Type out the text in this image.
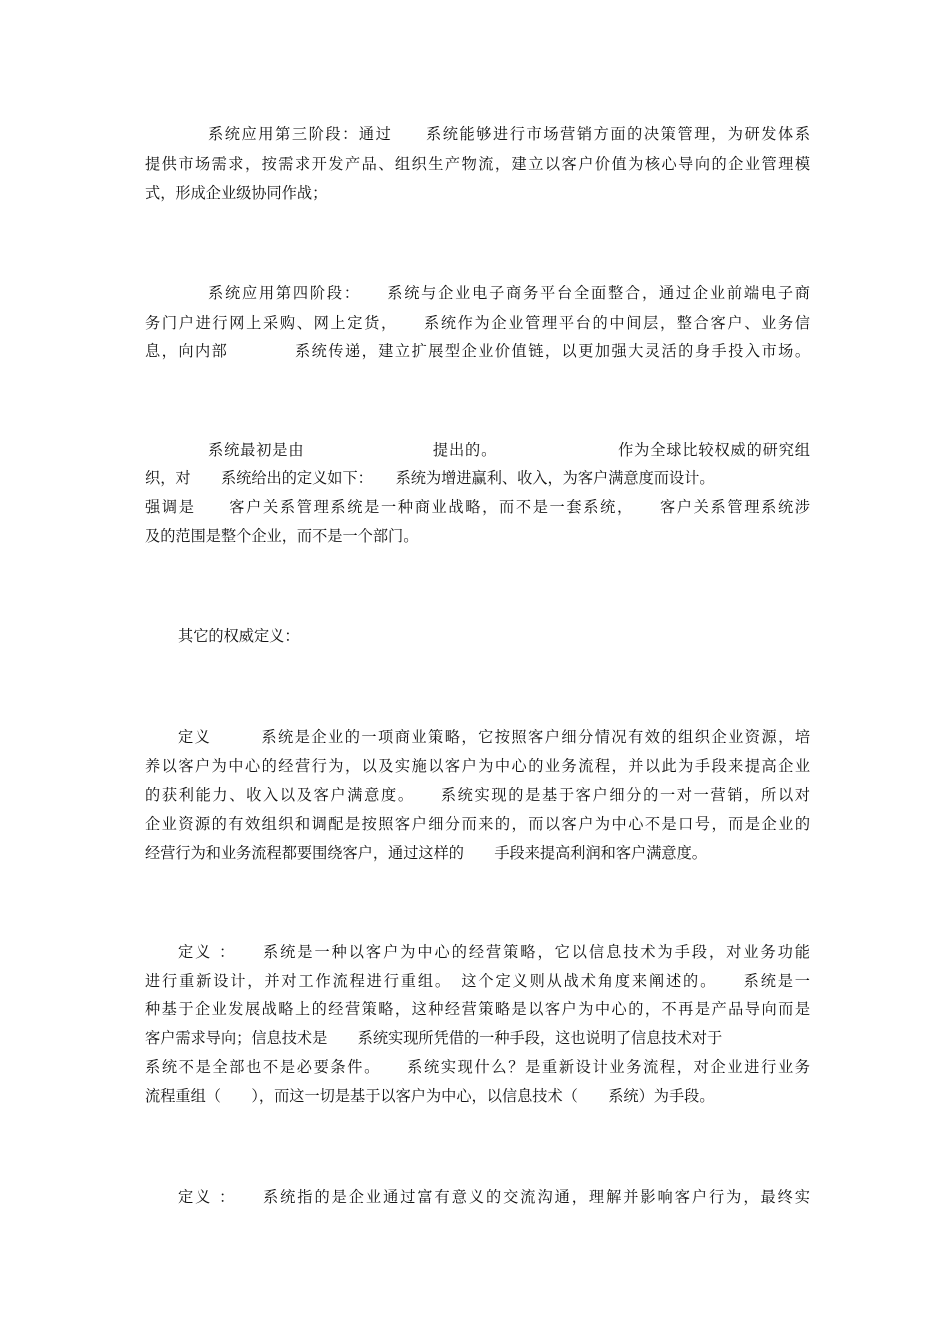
系统应用第三阶段：通过　　系统能够进行市场营销方面的决策管理，为研发体系
提供市场需求，按需求开发产品、组织生产物流，建立以客户价值为核心导向的企业管理模
式，形成企业级协同作战；
系统应用第四阶段：　　系统与企业电子商务平台全面整合，通过企业前端电子商
务门户进行网上采购、网上定货，　　系统作为企业管理平台的中间层，整合客户、业务信
息，向内部　　　　系统传递，建立扩展型企业价值链，以更加强大灵活的身手投入市场。
系统最初是由　　　　　　　　提出的。　　　　　　　　作为全球比较权威的研究组
织，对　　系统给出的定义如下：　　系统为增进赢利、收入，为客户满意度而设计。
强调是　　客户关系管理系统是一种商业战略，而不是一套系统，　　客户关系管理系统涉
及的范围是整个企业，而不是一个部门。
其它的权威定义：
定义　　　系统是企业的一项商业策略，它按照客户细分情况有效的组织企业资源，培
养以客户为中心的经营行为，以及实施以客户为中心的业务流程，并以此为手段来提高企业
的获利能力、收入以及客户满意度。　　系统实现的是基于客户细分的一对一营销，所以对
企业资源的有效组织和调配是按照客户细分而来的，而以客户为中心不是口号，而是企业的
经营行为和业务流程都要围绕客户，通过这样的　　手段来提高利润和客户满意度。
定义 ：　　系统是一种以客户为中心的经营策略，它以信息技术为手段，对业务功能
进行重新设计，并对工作流程进行重组。　这个定义则从战术角度来阐述的。　　系统是一
种基于企业发展战略上的经营策略，这种经营策略是以客户为中心的，不再是产品导向而是
客户需求导向；信息技术是　　系统实现所凭借的一种手段，这也说明了信息技术对于
系统不是全部也不是必要条件。　　系统实现什么？是重新设计业务流程，对企业进行业务
流程重组（　　），而这一切是基于以客户为中心，以信息技术（　　系统）为手段。
定义 ：　　系统指的是企业通过富有意义的交流沟通，理解并影响客户行为，最终实
